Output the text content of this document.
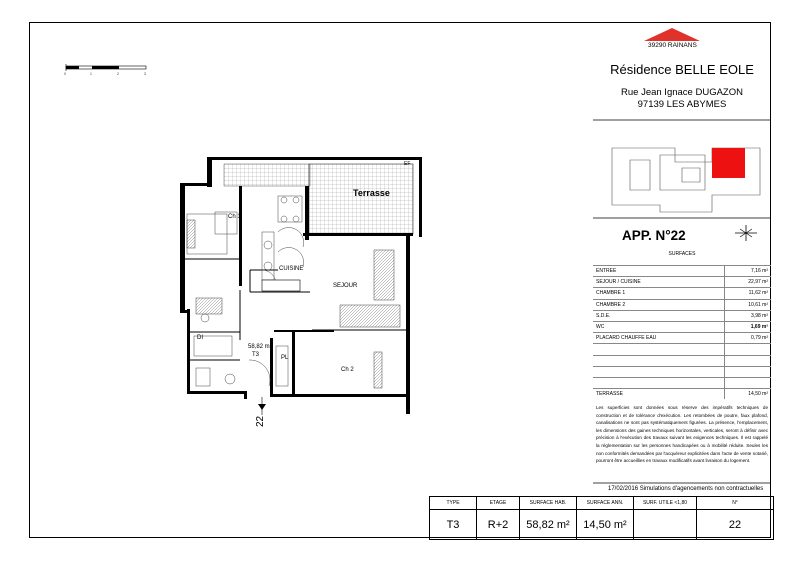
39290 RAINANS
0	1	2	3	Résidence BELLE EOLE
Rue Jean Ignace DUGAZON
97139 LES ABYMES
APP. N°22
SURFACES
ENTREE	7,16 m²
SEJOUR / CUISINE	22,97 m²
CHAMBRE 1	11,62 m²
CHAMBRE 2	10,61 m²
S.D.E.	3,98 m²
WC	1,69 m²
PLACARD CHAUFFE EAU	0,79 m²

TERRASSE	14,50 m²
Les superficies sont données sous réserve des impératifs techniques de construction et de tolérance d'exécution. Les retombées de poutre, faux plafond, canalisations ne sont pas systématiquement figurées. La présence, l'emplacement, les dimensions des gaines techniques horizontales, verticales, seront à définir avec précision à l'exécution des travaux suivant les exigences techniques. Il est rappelé la réglementation sur les personnes handicapées ou à mobilité réduite. Seules les non conformités demandées par l'acquéreur explicitées dans l'acte de vente notarié, pourront être accueillies en travaux modificatifs avant livraison du logement.
17/02/2016 Simulations d'agencements non contractuelles
TYPE	ETAGE	SURFACE HAB.	SURFACE ANN.	SURF. UTILE <1,80	N°
T3	R+2	58,82 m²	14,50 m²		22
Terrasse
Ch 1
CUISINE
SEJOUR
Ch 2
PL
DI
58,82 m2
T3
EF
22
